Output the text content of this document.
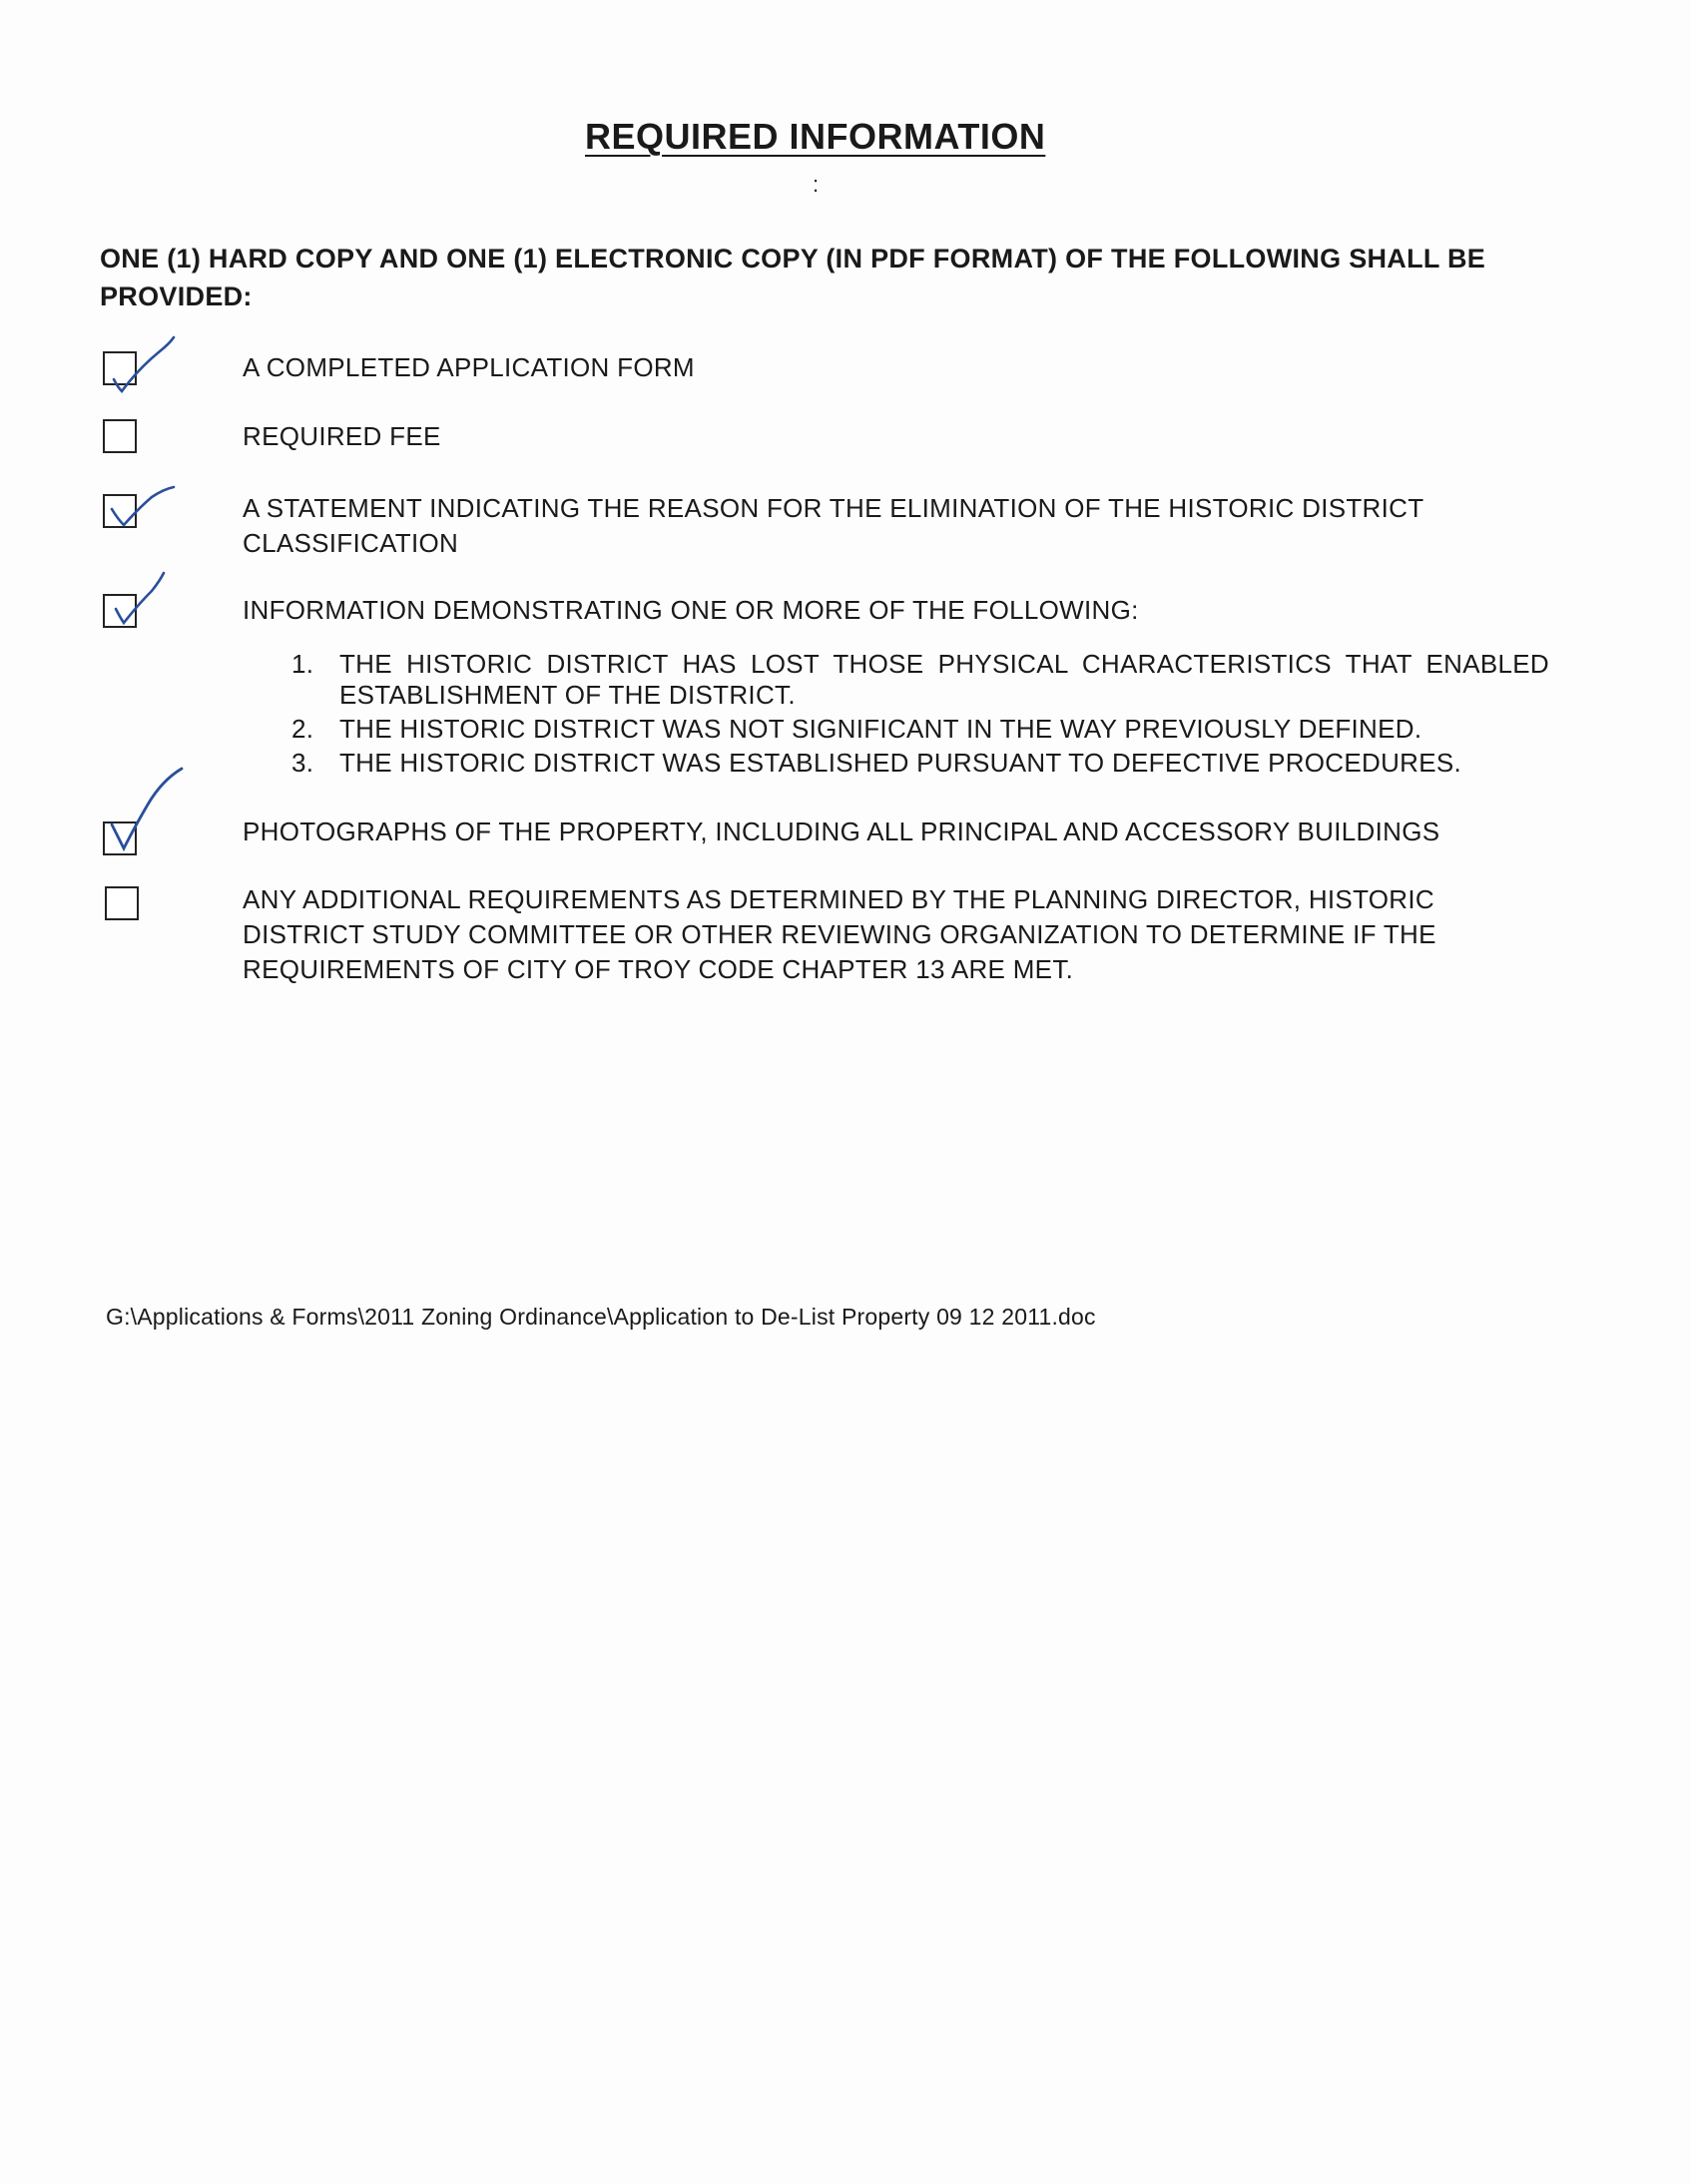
REQUIRED INFORMATION
:
ONE (1) HARD COPY AND ONE (1) ELECTRONIC COPY (IN PDF FORMAT) OF THE FOLLOWING SHALL BE PROVIDED:
A COMPLETED APPLICATION FORM
REQUIRED FEE
A STATEMENT INDICATING THE REASON FOR THE ELIMINATION OF THE HISTORIC DISTRICT CLASSIFICATION
INFORMATION DEMONSTRATING ONE OR MORE OF THE FOLLOWING:
1. THE HISTORIC DISTRICT HAS LOST THOSE PHYSICAL CHARACTERISTICS THAT ENABLED ESTABLISHMENT OF THE DISTRICT.
2. THE HISTORIC DISTRICT WAS NOT SIGNIFICANT IN THE WAY PREVIOUSLY DEFINED.
3. THE HISTORIC DISTRICT WAS ESTABLISHED PURSUANT TO DEFECTIVE PROCEDURES.
PHOTOGRAPHS OF THE PROPERTY, INCLUDING ALL PRINCIPAL AND ACCESSORY BUILDINGS
ANY ADDITIONAL REQUIREMENTS AS DETERMINED BY THE PLANNING DIRECTOR, HISTORIC DISTRICT STUDY COMMITTEE OR OTHER REVIEWING ORGANIZATION TO DETERMINE IF THE REQUIREMENTS OF CITY OF TROY CODE CHAPTER 13 ARE MET.
G:\Applications & Forms\2011 Zoning Ordinance\Application to De-List Property 09 12 2011.doc
